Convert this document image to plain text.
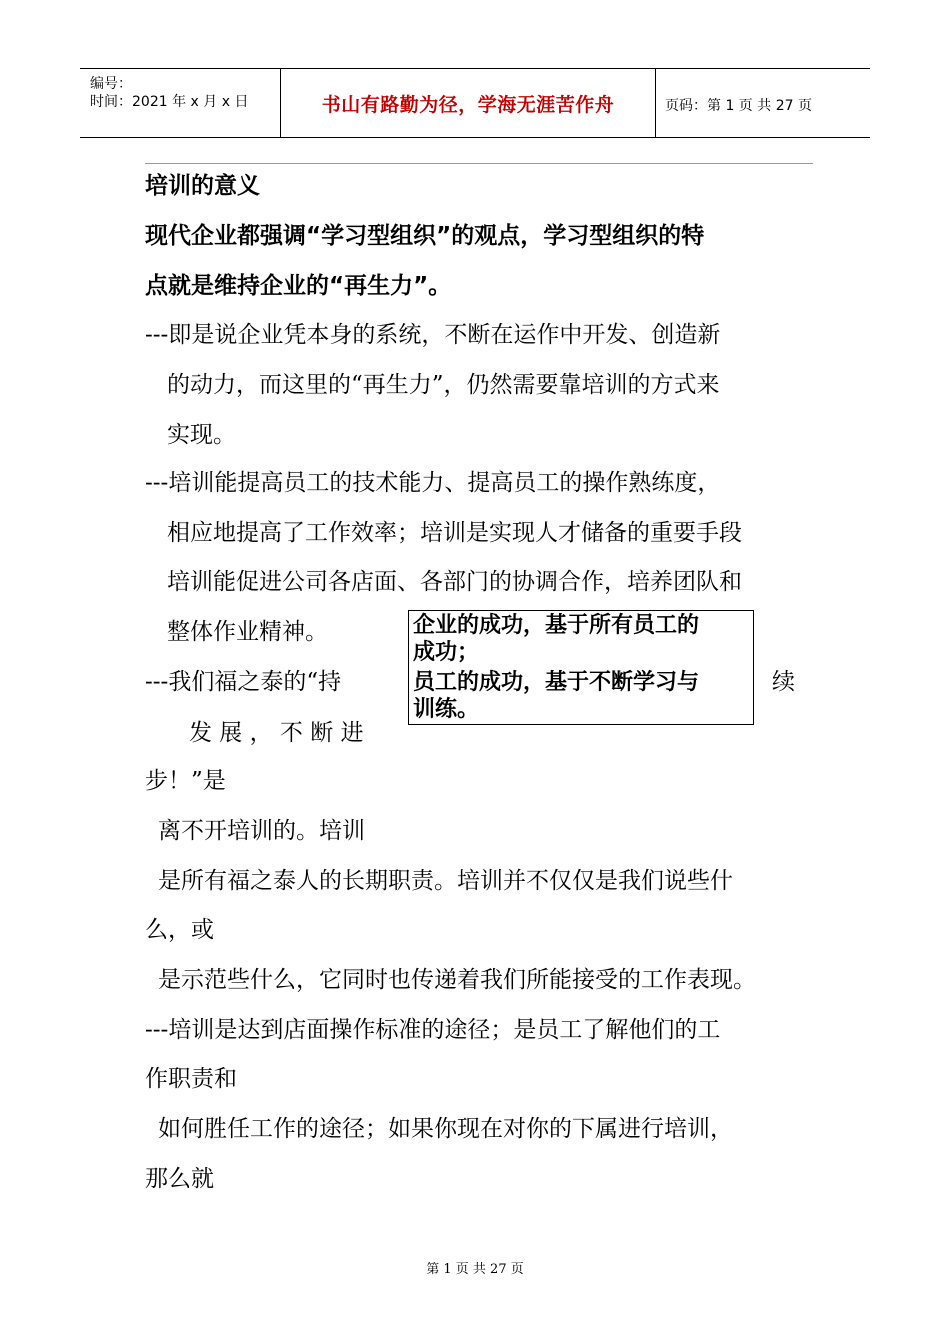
编号：
时间：2021 年 x 月 x 日	书山有路勤为径，学海无涯苦作舟	页码：第 1 页 共 27 页
培训的意义
现代企业都强调“学习型组织”的观点，学习型组织的特
点就是维持企业的“再生力”。
---即是说企业凭本身的系统，不断在运作中开发、创造新
的动力，而这里的“再生力”，仍然需要靠培训的方式来
实现。
---培训能提高员工的技术能力、提高员工的操作熟练度，
相应地提高了工作效率；培训是实现人才储备的重要手段
培训能促进公司各店面、各部门的协调合作，培养团队和
整体作业精神。
---我们福之泰的“持	续
发 展 ， 不 断 进
步！”是
离不开培训的。培训
是所有福之泰人的长期职责。培训并不仅仅是我们说些什
么，或
是示范些什么，它同时也传递着我们所能接受的工作表现。
---培训是达到店面操作标准的途径；是员工了解他们的工
作职责和
如何胜任工作的途径；如果你现在对你的下属进行培训，
那么就
企业的成功，基于所有员工的
成功；
员工的成功，基于不断学习与
训练。
第 1 页 共 27 页
